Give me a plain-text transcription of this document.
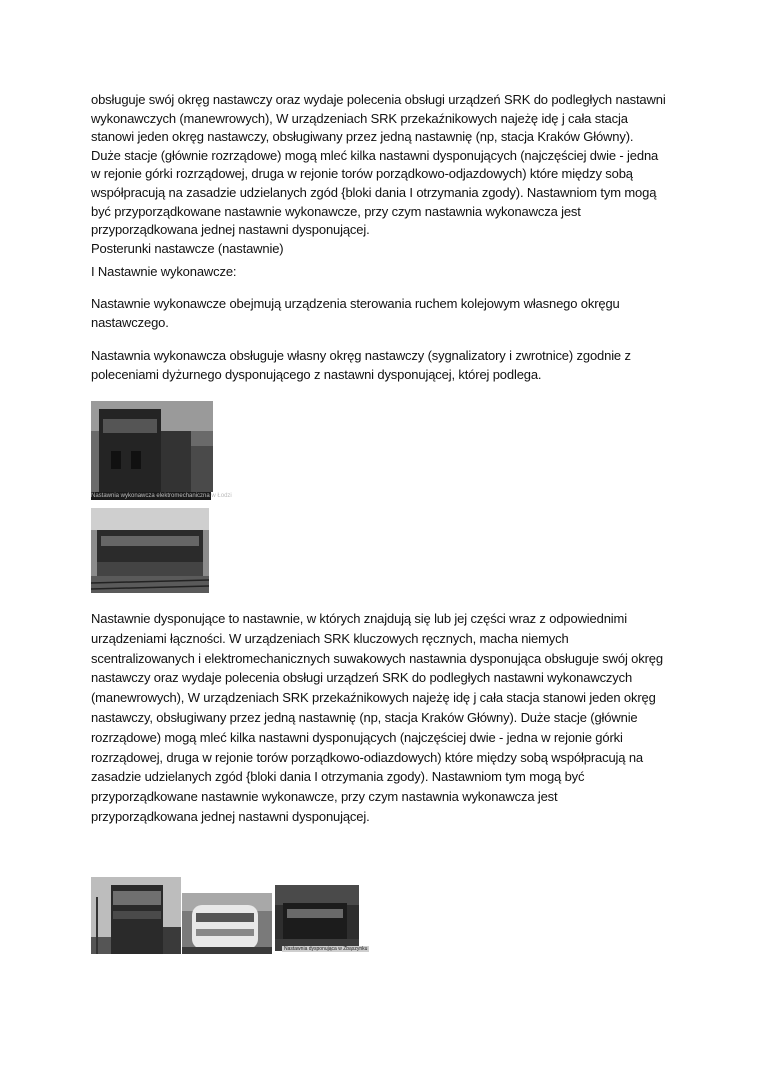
obsługuje swój okręg nastawczy oraz wydaje polecenia obsługi urządzeń SRK do podległych nastawni
wykonawczych (manewrowych), W urządzeniach SRK przekaźnikowych najeżę idę j cała stacja
stanowi jeden okręg nastawczy, obsługiwany przez jedną nastawnię (np, stacja Kraków Główny).
Duże stacje (głównie rozrządowe) mogą mleć kilka nastawni dysponujących (najczęściej dwie - jedna
w rejonie górki rozrządowej, druga w rejonie torów porządkowo-odjazdowych) które między sobą
współpracują na zasadzie udzielanych zgód {bloki dania I otrzymania zgody). Nastawniom tym mogą
być przyporządkowane nastawnie wykonawcze, przy czym nastawnia wykonawcza jest
przyporządkowana jednej nastawni dysponującej.
Posterunki nastawcze (nastawnie)

I Nastawnie wykonawcze:

Nastawnie wykonawcze obejmują urządzenia sterowania ruchem kolejowym własnego okręgu nastawczego.

Nastawnia wykonawcza obsługuje własny okręg nastawczy (sygnalizatory i zwrotnice) zgodnie z poleceniami dyżurnego dysponującego z nastawni dysponującej, której podlega.

Nastawnia wykonawcza elektromechaniczna w Łodzi
Nastawnie dysponujące to nastawnie, w których znajdują się lub jej części wraz z odpowiednimi
urządzeniami łączności. W urządzeniach SRK kluczowych ręcznych, macha niemych
scentralizowanych i elektromechanicznych suwakowych nastawnia dysponująca obsługuje swój okręg
nastawczy oraz wydaje polecenia obsługi urządzeń SRK do podległych nastawni wykonawczych
(manewrowych), W urządzeniach SRK przekaźnikowych najeżę idę j cała stacja stanowi jeden okręg
nastawczy, obsługiwany przez jedną nastawnię (np, stacja Kraków Główny). Duże stacje (głównie
rozrządowe) mogą mleć kilka nastawni dysponujących (najczęściej dwie - jedna w rejonie górki
rozrządowej, druga w rejonie torów porządkowo-odiazdowych) które między sobą współpracują na
zasadzie udzielanych zgód {bloki dania I otrzymania zgody). Nastawniom tym mogą być
przyporządkowane nastawnie wykonawcze, przy czym nastawnia wykonawcza jest
przyporządkowana jednej nastawni dysponującej.
Nastawnia dysponująca w Zbąszynku
